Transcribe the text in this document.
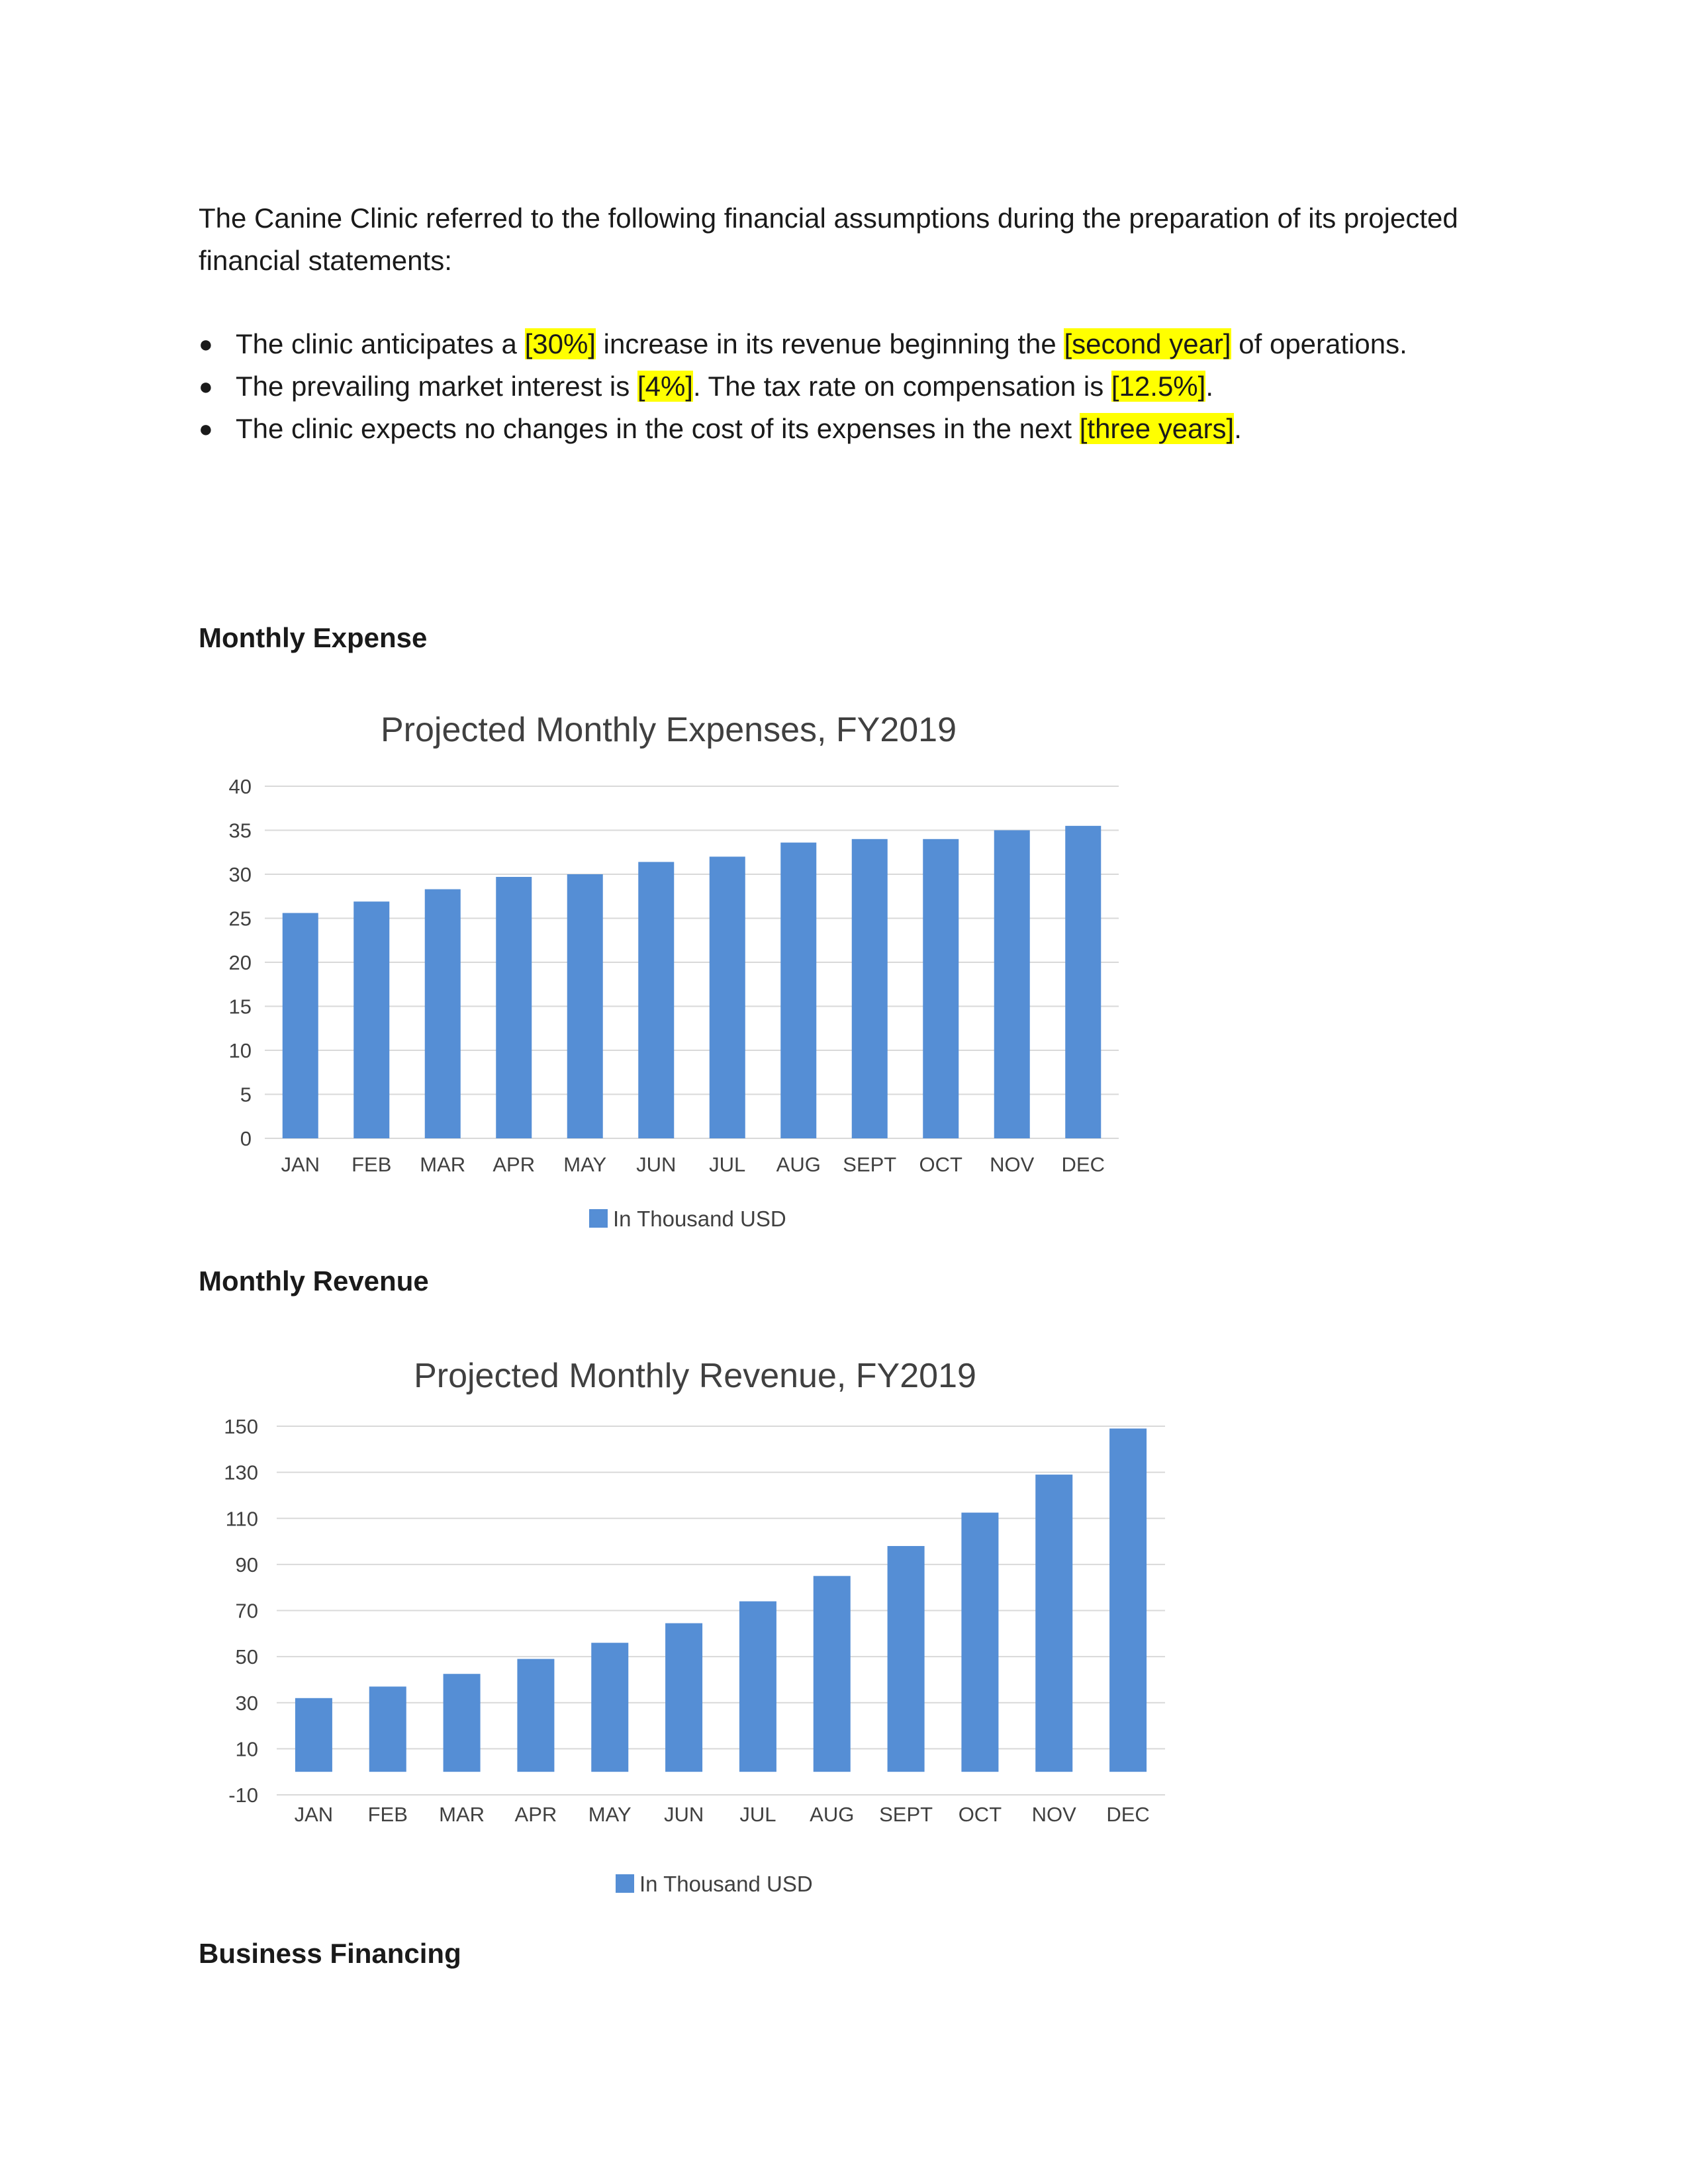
The Canine Clinic referred to the following financial assumptions during the preparation of its projected financial statements:
● The clinic anticipates a [30%] increase in its revenue beginning the [second year] of operations.
● The prevailing market interest is [4%]. The tax rate on compensation is [12.5%].
● The clinic expects no changes in the cost of its expenses in the next [three years].
Monthly Expense
Projected Monthly Expenses, FY2019
0
5
10
15
20
25
30
35
40
JAN FEB MAR APR MAY JUN JUL AUG SEPT OCT NOV DEC
In Thousand USD
Monthly Revenue
Projected Monthly Revenue, FY2019
-10
10
30
50
70
90
110
130
150
JAN FEB MAR APR MAY JUN JUL AUG SEPT OCT NOV DEC
In Thousand USD
Business Financing
